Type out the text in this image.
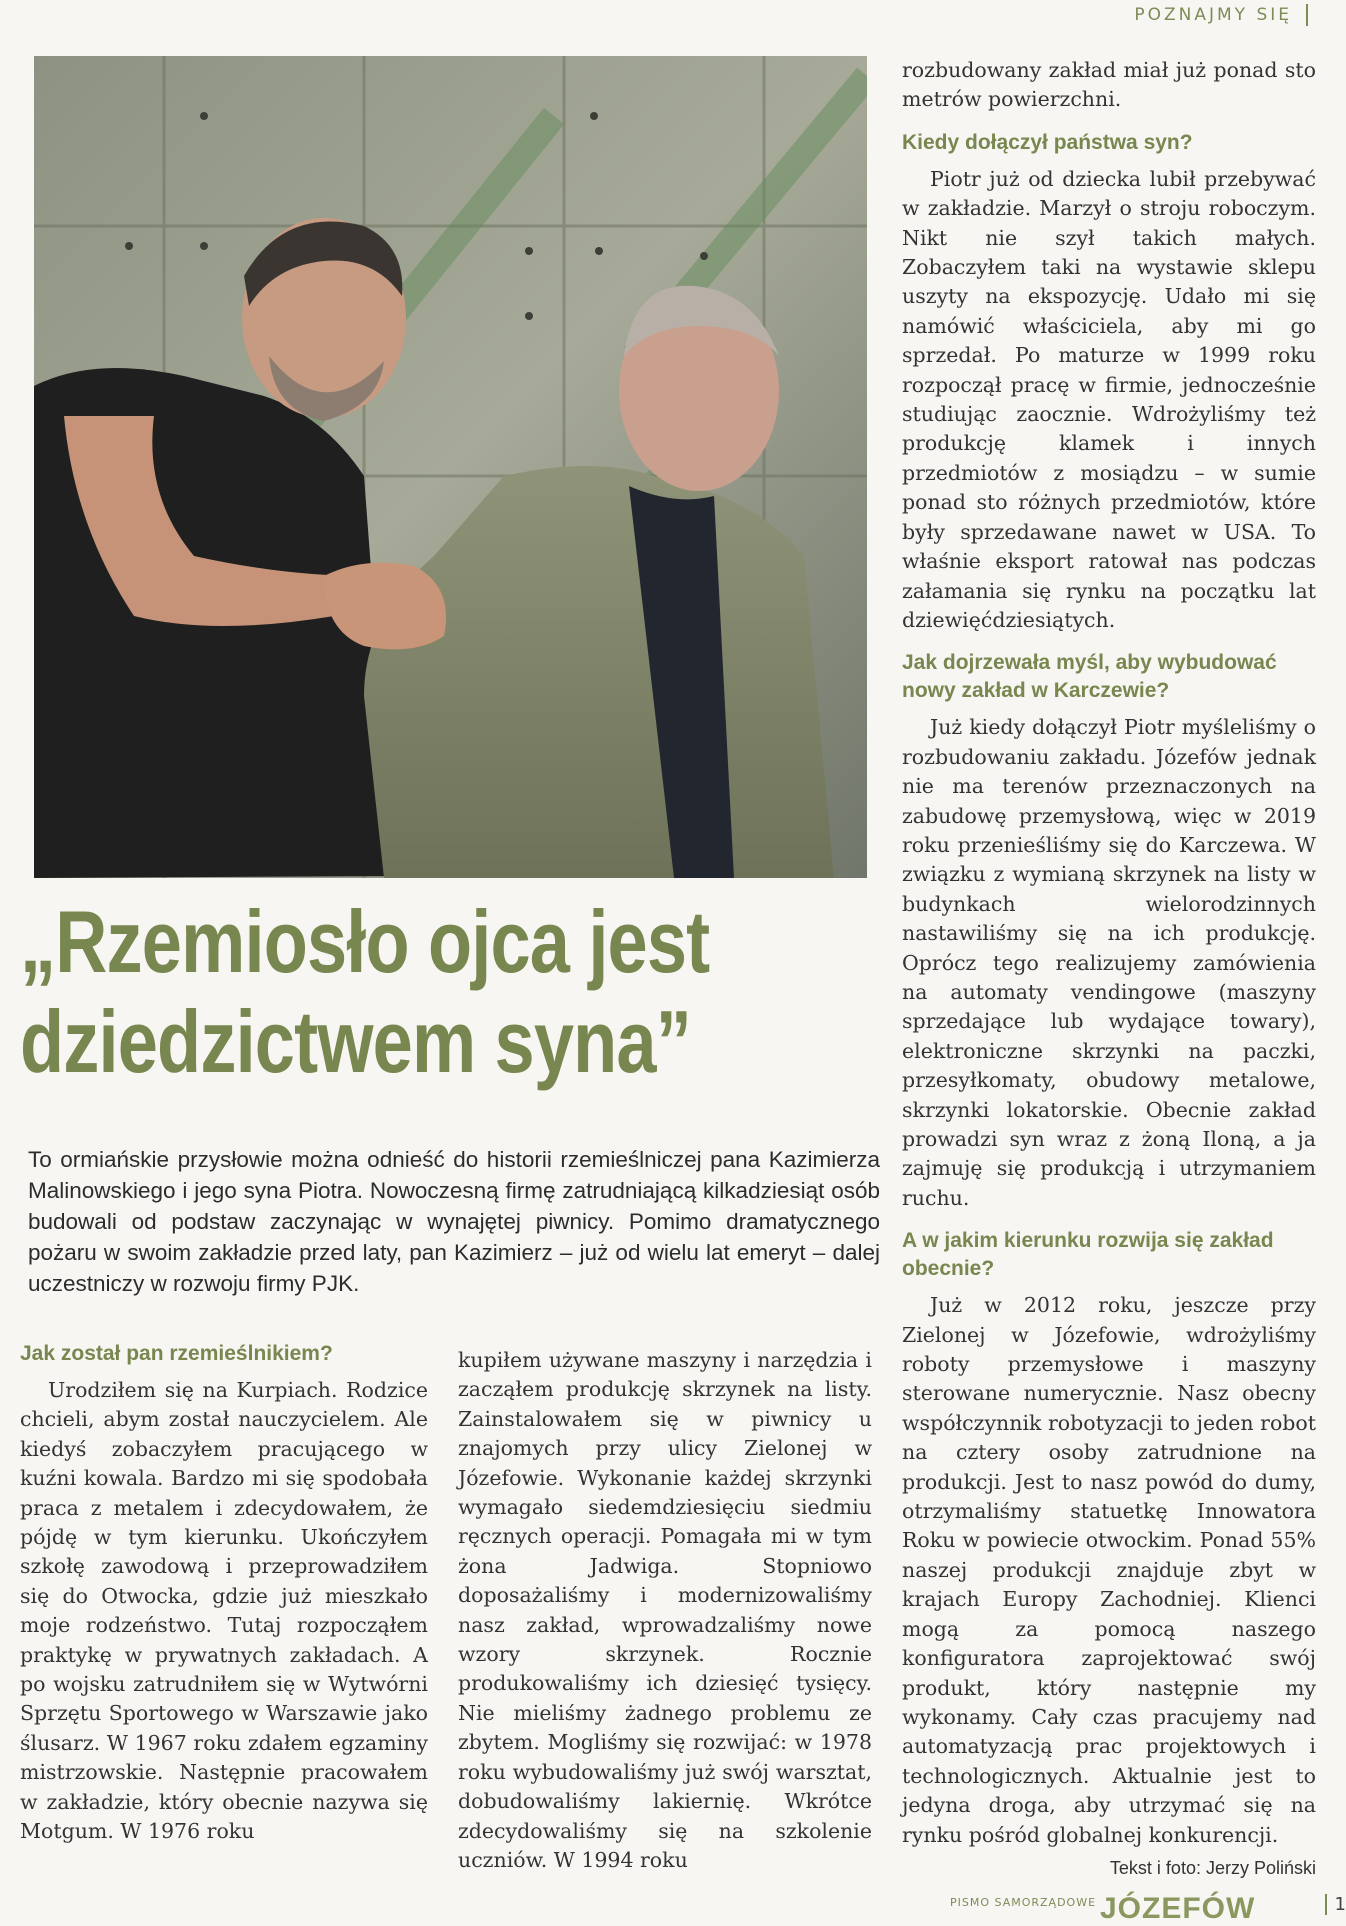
POZNAJMY SIĘ
„Rzemiosło ojca jest
dziedzictwem syna”
To ormiańskie przysłowie można odnieść do historii rzemieślniczej pana Kazimierza Malinowskiego i jego syna Piotra. Nowoczesną firmę zatrudniającą kilkadziesiąt osób budowali od podstaw zaczynając w wynajętej piwnicy. Pomimo dramatycznego pożaru w swoim zakładzie przed laty, pan Kazimierz – już od wielu lat emeryt – dalej uczestniczy w rozwoju firmy PJK.
Jak został pan rzemieślnikiem?

Urodziłem się na Kurpiach. Rodzice chcieli, abym został nauczycielem. Ale kiedyś zobaczyłem pracującego w kuźni kowala. Bardzo mi się spodobała praca z metalem i zdecydowałem, że pójdę w tym kierunku. Ukończyłem szkołę zawodową i przeprowadziłem się do Otwocka, gdzie już mieszkało moje rodzeństwo. Tutaj rozpocząłem praktykę w prywatnych zakładach. A po wojsku zatrudniłem się w Wytwórni Sprzętu Sportowego w Warszawie jako ślusarz. W 1967 roku zdałem egzaminy mistrzowskie. Następnie pracowałem w zakładzie, który obecnie nazywa się Motgum. W 1976 roku

kupiłem używane maszyny i narzędzia i zacząłem produkcję skrzynek na listy. Zainstalowałem się w piwnicy u znajomych przy ulicy Zielonej w Józefowie. Wykonanie każdej skrzynki wymagało siedemdziesięciu siedmiu ręcznych operacji. Pomagała mi w tym żona Jadwiga. Stopniowo doposażaliśmy i modernizowaliśmy nasz zakład, wprowadzaliśmy nowe wzory skrzynek. Rocznie produkowaliśmy ich dziesięć tysięcy. Nie mieliśmy żadnego problemu ze zbytem. Mogliśmy się rozwijać: w 1978 roku wybudowaliśmy już swój warsztat, dobudowaliśmy lakiernię. Wkrótce zdecydowaliśmy się na szkolenie uczniów. W 1994 roku

rozbudowany zakład miał już ponad sto metrów powierzchni.

Kiedy dołączył państwa syn?

Piotr już od dziecka lubił przebywać w zakładzie. Marzył o stroju roboczym. Nikt nie szył takich małych. Zobaczyłem taki na wystawie sklepu uszyty na ekspozycję. Udało mi się namówić właściciela, aby mi go sprzedał. Po maturze w 1999 roku rozpoczął pracę w firmie, jednocześnie studiując zaocznie. Wdrożyliśmy też produkcję klamek i innych przedmiotów z mosiądzu – w sumie ponad sto różnych przedmiotów, które były sprzedawane nawet w USA. To właśnie eksport ratował nas podczas załamania się rynku na początku lat dziewięćdziesiątych.

Jak dojrzewała myśl, aby wybudować nowy zakład w Karczewie?

Już kiedy dołączył Piotr myśleliśmy o rozbudowaniu zakładu. Józefów jednak nie ma terenów przeznaczonych na zabudowę przemysłową, więc w 2019 roku przenieśliśmy się do Karczewa. W związku z wymianą skrzynek na listy w budynkach wielorodzinnych nastawiliśmy się na ich produkcję. Oprócz tego realizujemy zamówienia na automaty vendingowe (maszyny sprzedające lub wydające towary), elektroniczne skrzynki na paczki, przesyłkomaty, obudowy metalowe, skrzynki lokatorskie. Obecnie zakład prowadzi syn wraz z żoną Iloną, a ja zajmuję się produkcją i utrzymaniem ruchu.

A w jakim kierunku rozwija się zakład obecnie?

Już w 2012 roku, jeszcze przy Zielonej w Józefowie, wdrożyliśmy roboty przemysłowe i maszyny sterowane numerycznie. Nasz obecny współczynnik robotyzacji to jeden robot na cztery osoby zatrudnione na produkcji. Jest to nasz powód do dumy, otrzymaliśmy statuetkę Innowatora Roku w powiecie otwockim. Ponad 55% naszej produkcji znajduje zbyt w krajach Europy Zachodniej. Klienci mogą za pomocą naszego konfiguratora zaprojektować swój produkt, który następnie my wykonamy. Cały czas pracujemy nad automatyzacją prac projektowych i technologicznych. Aktualnie jest to jedyna droga, aby utrzymać się na rynku pośród globalnej konkurencji.

Tekst i foto: Jerzy Poliński
PISMO SAMORZĄDOWE JÓZEFÓW	1
